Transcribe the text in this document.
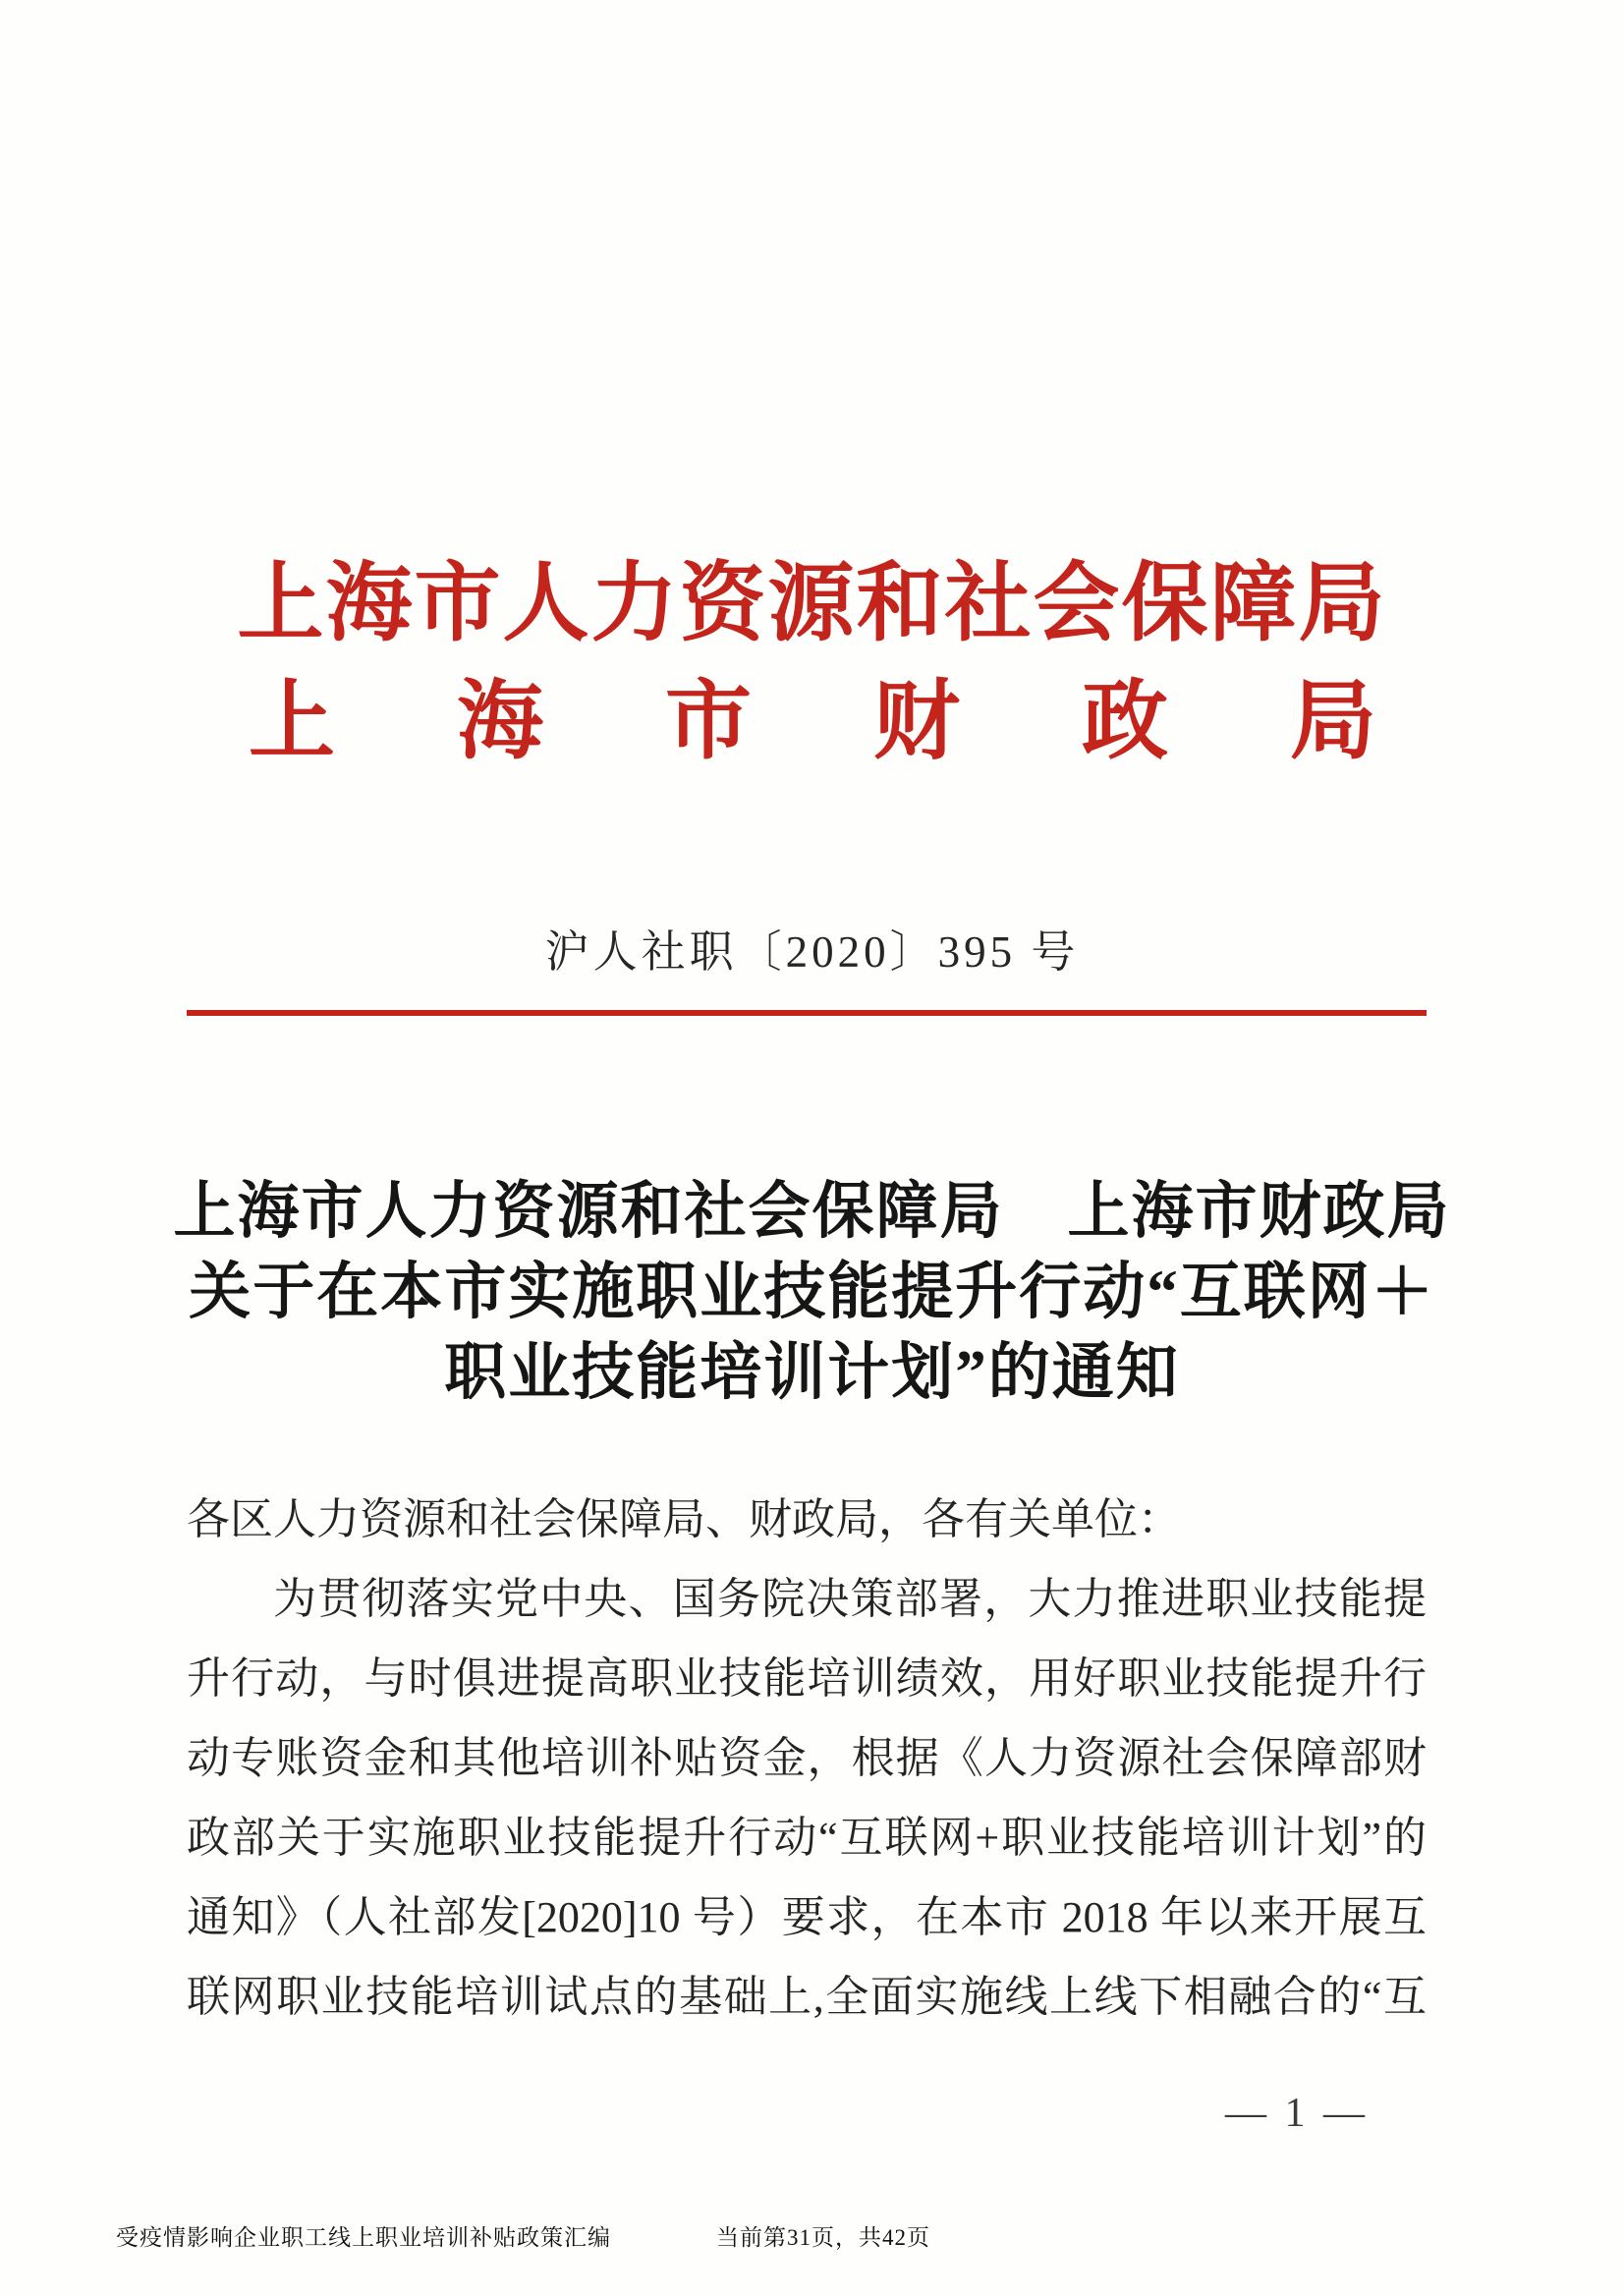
上海市人力资源和社会保障局
上 海 市 财 政 局
沪人社职〔2020〕395 号
上海市人力资源和社会保障局　上海市财政局
关于在本市实施职业技能提升行动“互联网＋
职业技能培训计划”的通知
各区人力资源和社会保障局、财政局，各有关单位：
为贯彻落实党中央、国务院决策部署，大力推进职业技能提
升行动，与时俱进提高职业技能培训绩效，用好职业技能提升行
动专账资金和其他培训补贴资金，根据《人力资源社会保障部财
政部关于实施职业技能提升行动“互联网+职业技能培训计划”的
通知》（人社部发[2020]10 号）要求，在本市 2018 年以来开展互
联网职业技能培训试点的基础上,全面实施线上线下相融合的“互
— 1 —
受疫情影响企业职工线上职业培训补贴政策汇编	当前第31页，共42页
